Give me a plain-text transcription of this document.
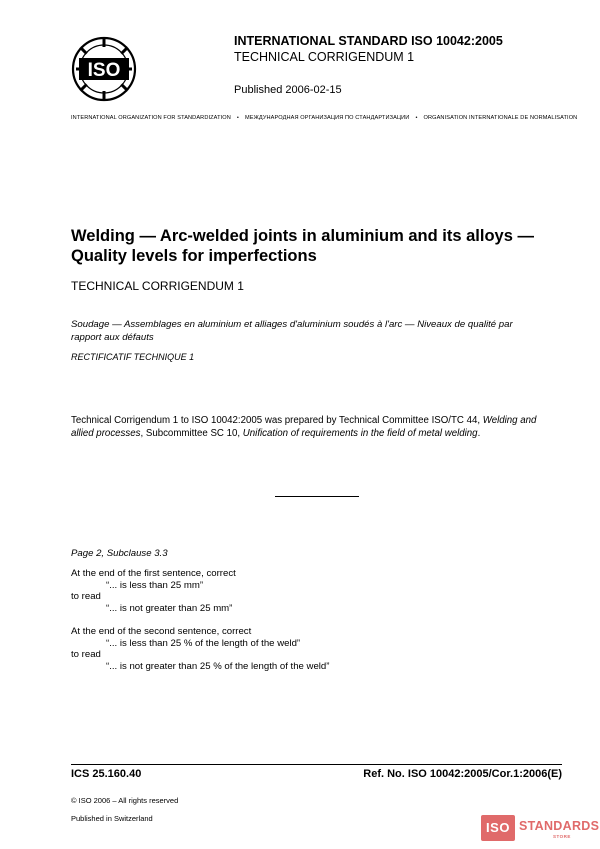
ISO
INTERNATIONAL STANDARD ISO 10042:2005
TECHNICAL CORRIGENDUM 1
Published 2006-02-15
INTERNATIONAL ORGANIZATION FOR STANDARDIZATION • МЕЖДУНАРОДНАЯ ОРГАНИЗАЦИЯ ПО СТАНДАРТИЗАЦИИ • ORGANISATION INTERNATIONALE DE NORMALISATION
Welding — Arc-welded joints in aluminium and its alloys —
Quality levels for imperfections
TECHNICAL CORRIGENDUM 1
Soudage — Assemblages en aluminium et alliages d'aluminium soudés à l'arc — Niveaux de qualité par rapport aux défauts
RECTIFICATIF TECHNIQUE 1
Technical Corrigendum 1 to ISO 10042:2005 was prepared by Technical Committee ISO/TC 44, Welding and allied processes, Subcommittee SC 10, Unification of requirements in the field of metal welding.
Page 2, Subclause 3.3
At the end of the first sentence, correct
“... is less than 25 mm”
to read
“... is not greater than 25 mm”
At the end of the second sentence, correct
“... is less than 25 % of the length of the weld”
to read
“... is not greater than 25 % of the length of the weld”
ICS 25.160.40	Ref. No. ISO 10042:2005/Cor.1:2006(E)
© ISO 2006 – All rights reserved
Published in Switzerland
ISO STANDARDS
STORE
